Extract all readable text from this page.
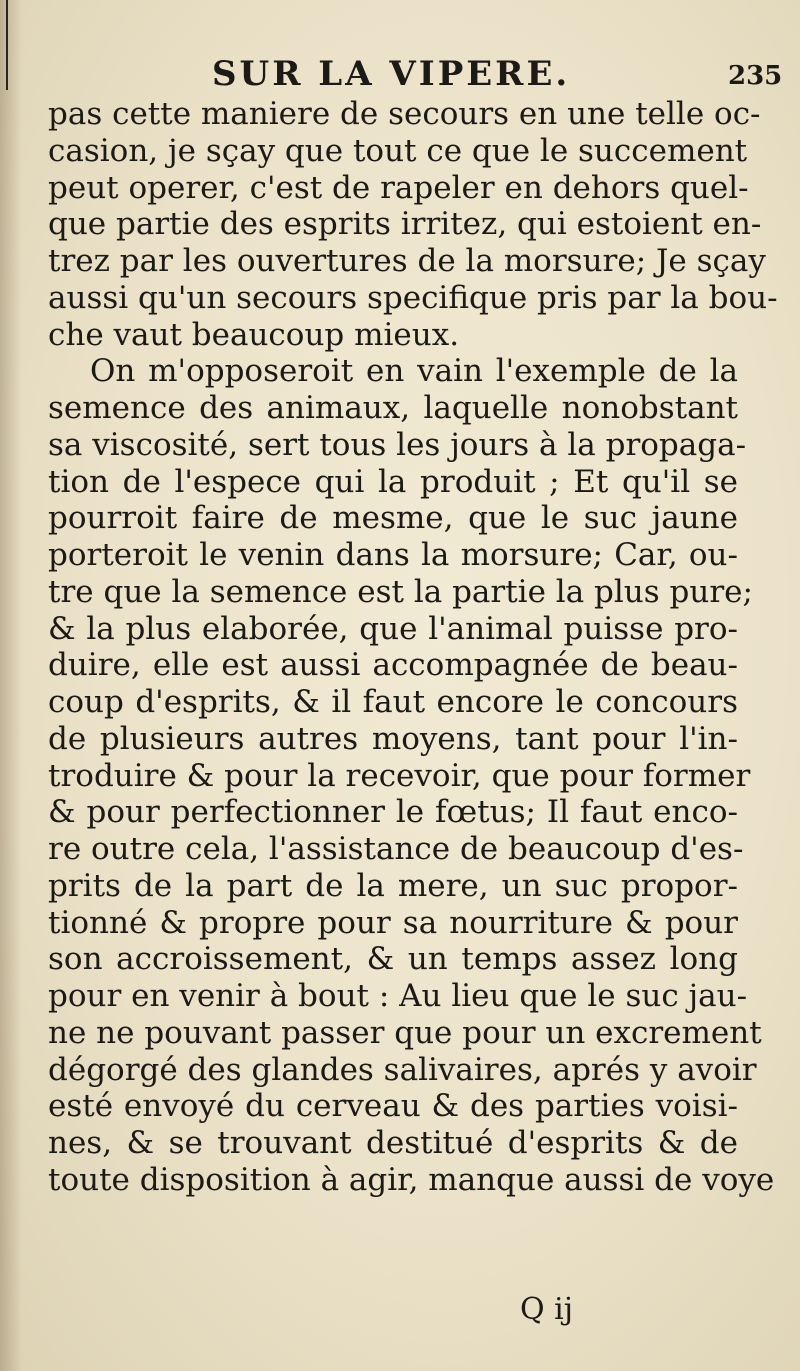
SUR LA VIPERE.	235
pas cette maniere de secours en une telle oc-
casion, je sçay que tout ce que le succement
peut operer, c'est de rapeler en dehors quel-
que partie des esprits irritez, qui estoient en-
trez par les ouvertures de la morsure; Je sçay
aussi qu'un secours specifique pris par la bou-
che vaut beaucoup mieux.
On m'opposeroit en vain l'exemple de la
semence des animaux, laquelle nonobstant
sa viscosité, sert tous les jours à la propaga-
tion de l'espece qui la produit ; Et qu'il se
pourroit faire de mesme, que le suc jaune
porteroit le venin dans la morsure; Car, ou-
tre que la semence est la partie la plus pure;
& la plus elaborée, que l'animal puisse pro-
duire, elle est aussi accompagnée de beau-
coup d'esprits, & il faut encore le concours
de plusieurs autres moyens, tant pour l'in-
troduire & pour la recevoir, que pour former
& pour perfectionner le fœtus; Il faut enco-
re outre cela, l'assistance de beaucoup d'es-
prits de la part de la mere, un suc propor-
tionné & propre pour sa nourriture & pour
son accroissement, & un temps assez long
pour en venir à bout : Au lieu que le suc jau-
ne ne pouvant passer que pour un excrement
dégorgé des glandes salivaires, aprés y avoir
esté envoyé du cerveau & des parties voisi-
nes, & se trouvant destitué d'esprits & de
toute disposition à agir, manque aussi de voye
Q ij
